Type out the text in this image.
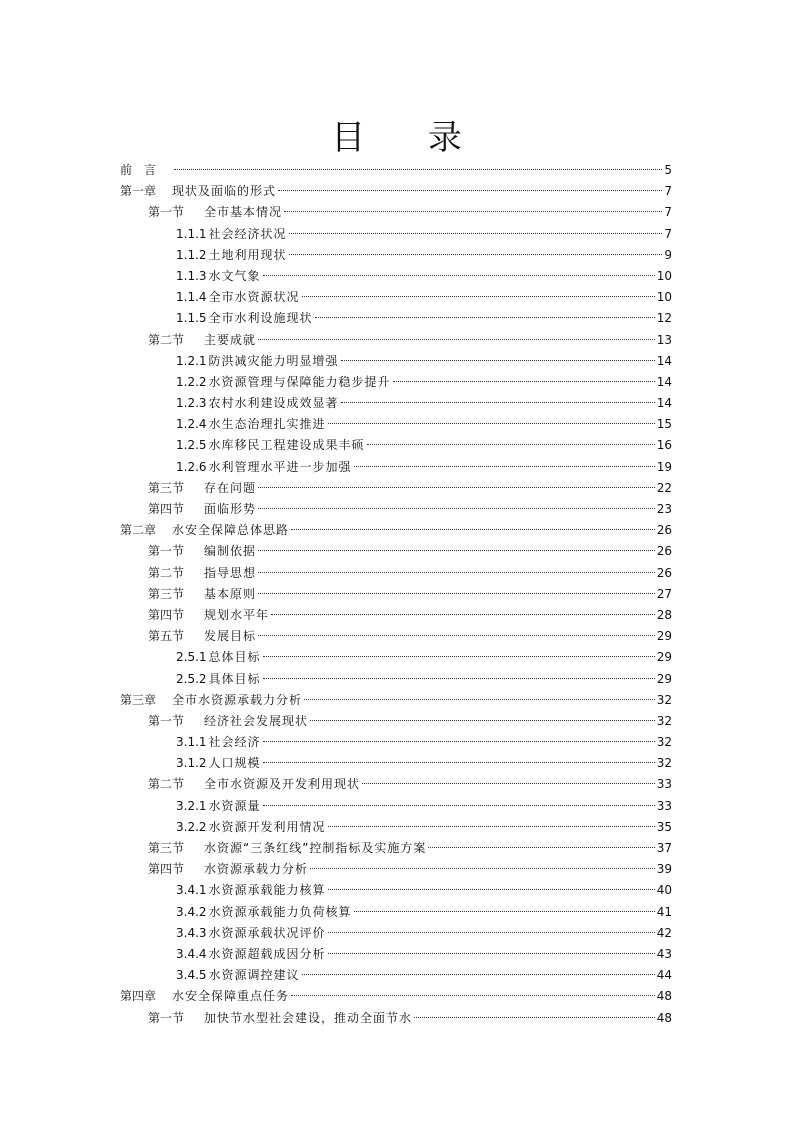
目 录
前　言	5
第一章	现状及面临的形式	7
第一节	全市基本情况	7
1.1.1 社会经济状况	7
1.1.2 土地利用现状	9
1.1.3 水文气象	10
1.1.4 全市水资源状况	10
1.1.5 全市水利设施现状	12
第二节	主要成就	13
1.2.1 防洪减灾能力明显增强	14
1.2.2 水资源管理与保障能力稳步提升	14
1.2.3 农村水利建设成效显著	14
1.2.4 水生态治理扎实推进	15
1.2.5 水库移民工程建设成果丰硕	16
1.2.6 水利管理水平进一步加强	19
第三节	存在问题	22
第四节	面临形势	23
第二章	水安全保障总体思路	26
第一节	编制依据	26
第二节	指导思想	26
第三节	基本原则	27
第四节	规划水平年	28
第五节	发展目标	29
2.5.1 总体目标	29
2.5.2 具体目标	29
第三章	全市水资源承载力分析	32
第一节	经济社会发展现状	32
3.1.1 社会经济	32
3.1.2 人口规模	32
第二节	全市水资源及开发利用现状	33
3.2.1 水资源量	33
3.2.2 水资源开发利用情况	35
第三节	水资源“三条红线”控制指标及实施方案	37
第四节	水资源承载力分析	39
3.4.1 水资源承载能力核算	40
3.4.2 水资源承载能力负荷核算	41
3.4.3 水资源承载状况评价	42
3.4.4 水资源超载成因分析	43
3.4.5 水资源调控建议	44
第四章	水安全保障重点任务	48
第一节	加快节水型社会建设，推动全面节水	48
